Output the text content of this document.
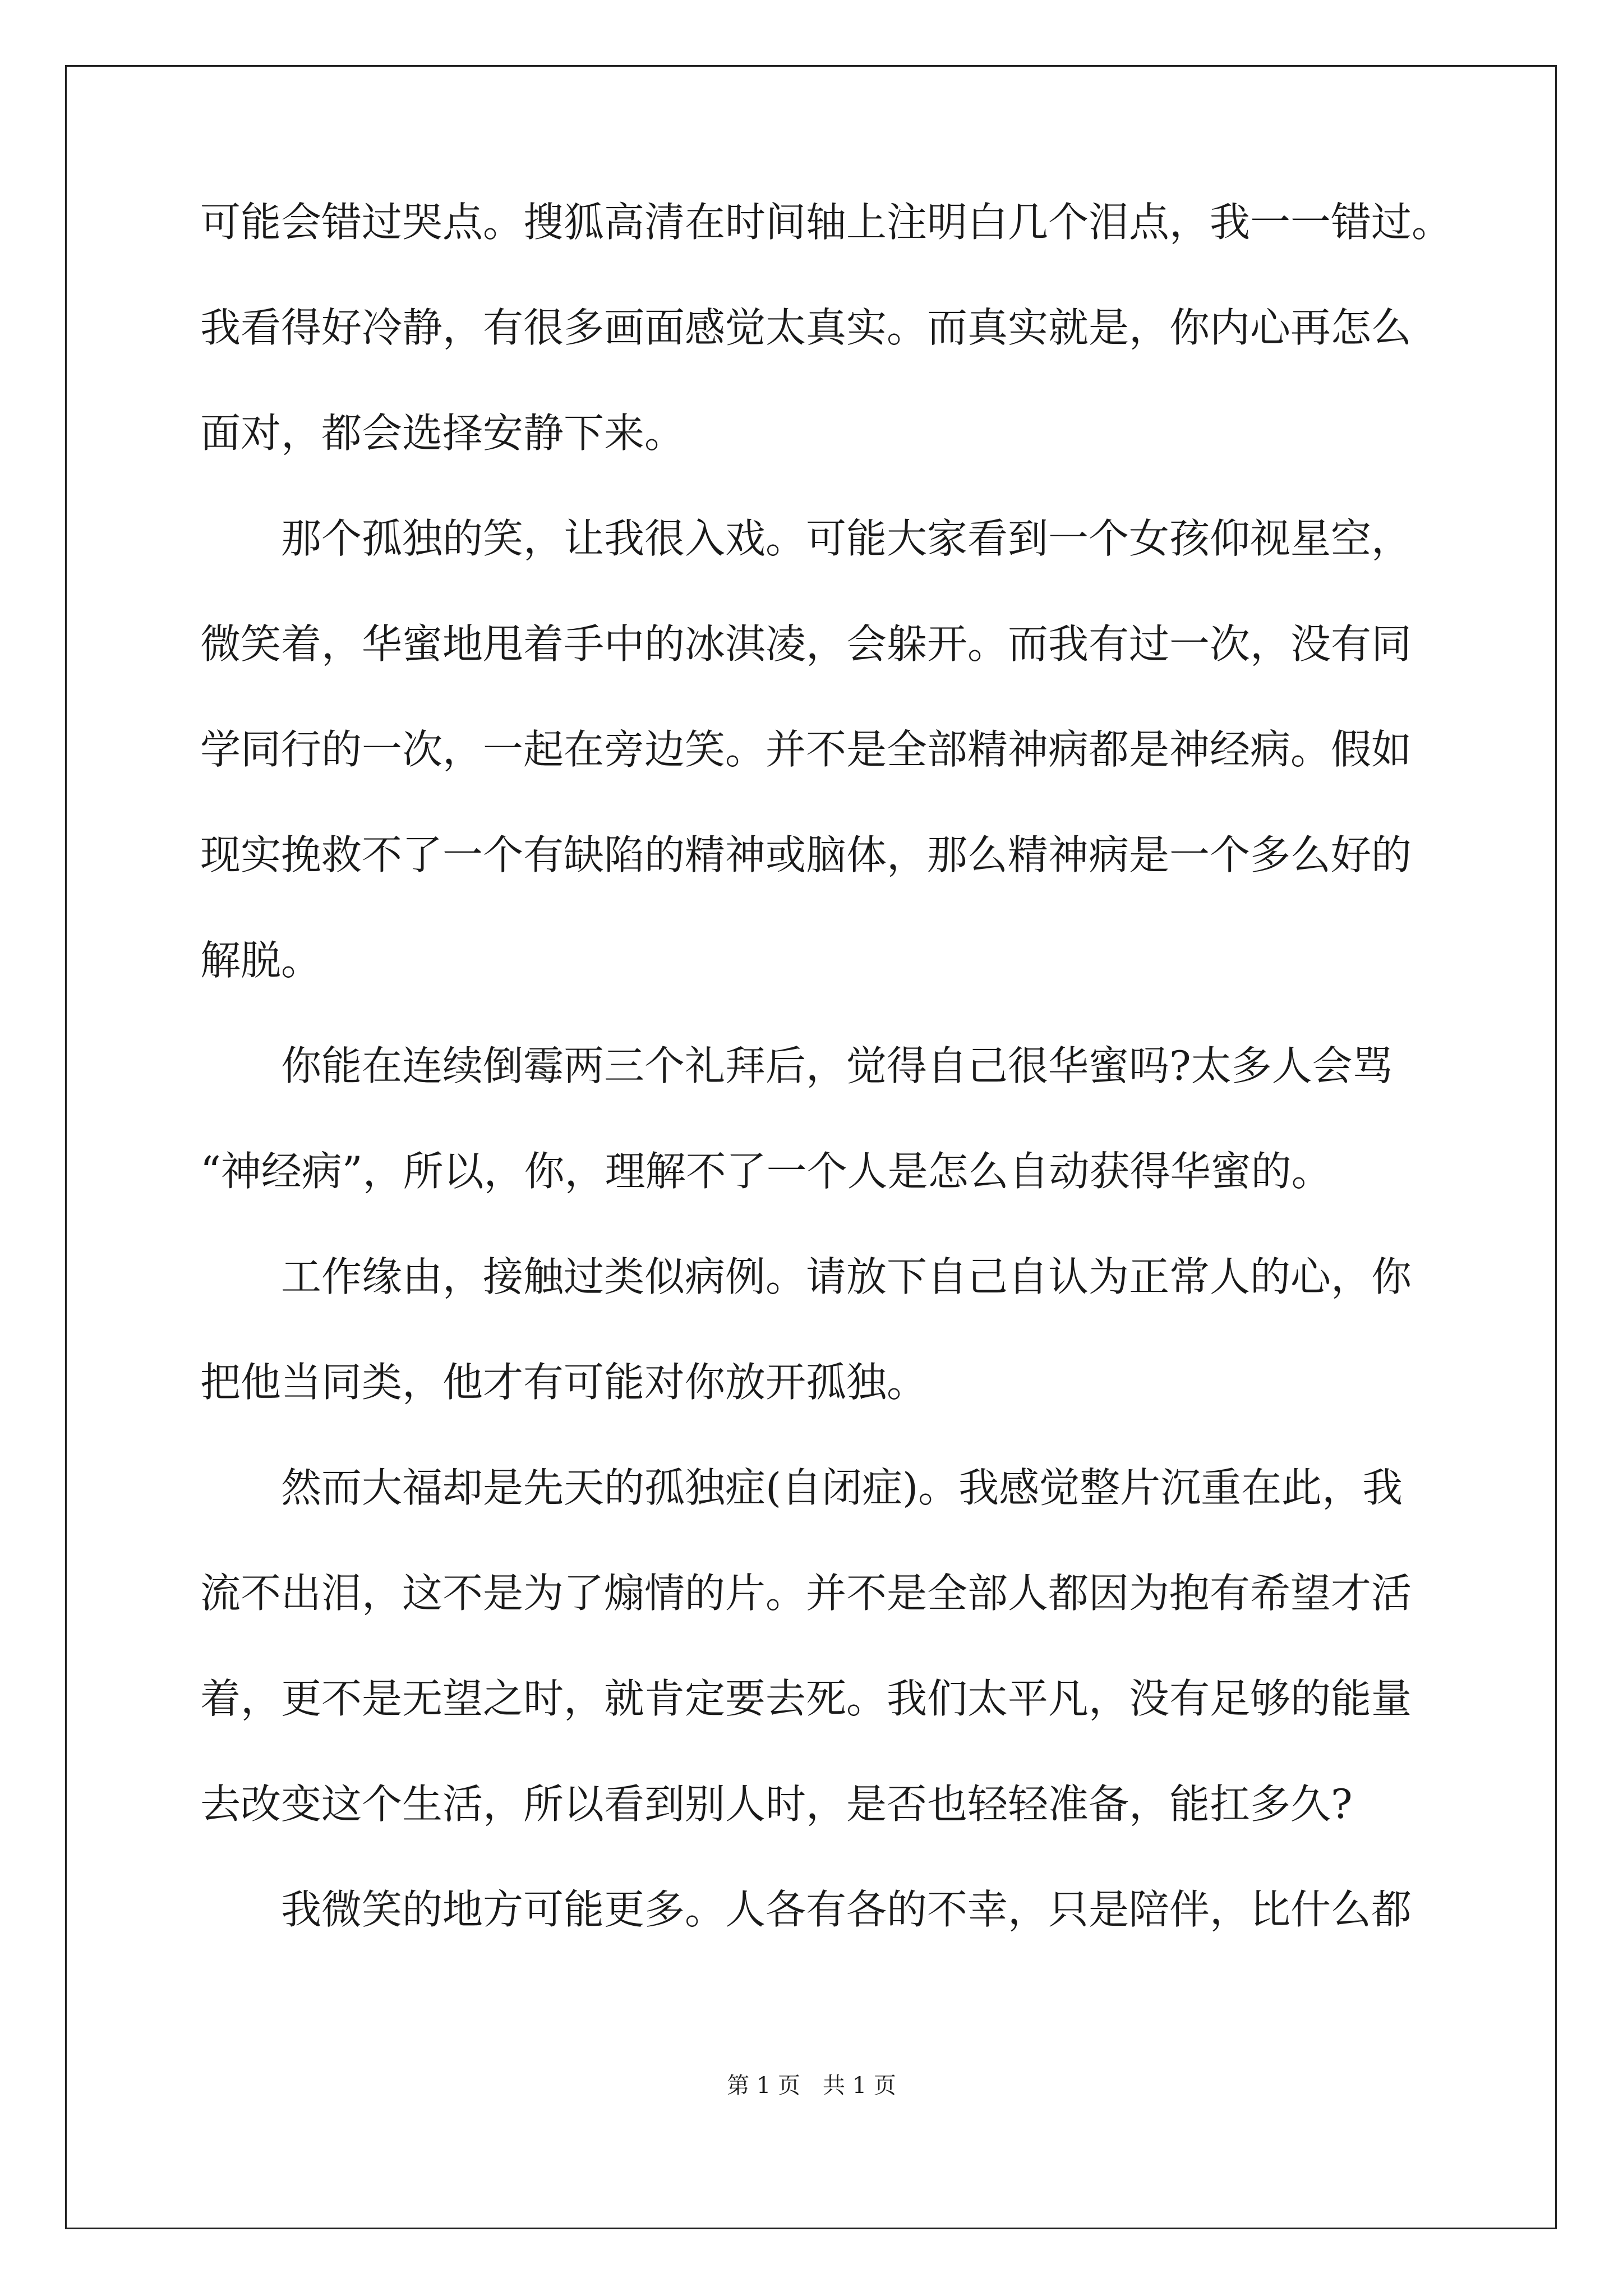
可能会错过哭点。搜狐高清在时间轴上注明白几个泪点，我一一错过。
我看得好冷静，有很多画面感觉太真实。而真实就是，你内心再怎么
面对，都会选择安静下来。
那个孤独的笑，让我很入戏。可能大家看到一个女孩仰视星空，
微笑着，华蜜地甩着手中的冰淇凌，会躲开。而我有过一次，没有同
学同行的一次，一起在旁边笑。并不是全部精神病都是神经病。假如
现实挽救不了一个有缺陷的精神或脑体，那么精神病是一个多么好的
解脱。
你能在连续倒霉两三个礼拜后，觉得自己很华蜜吗?太多人会骂
“神经病”，所以，你，理解不了一个人是怎么自动获得华蜜的。
工作缘由，接触过类似病例。请放下自己自认为正常人的心，你
把他当同类，他才有可能对你放开孤独。
然而大福却是先天的孤独症(自闭症)。我感觉整片沉重在此，我
流不出泪，这不是为了煽情的片。并不是全部人都因为抱有希望才活
着，更不是无望之时，就肯定要去死。我们太平凡，没有足够的能量
去改变这个生活，所以看到别人时，是否也轻轻准备，能扛多久?
我微笑的地方可能更多。人各有各的不幸，只是陪伴，比什么都
第 1 页 共 1 页
